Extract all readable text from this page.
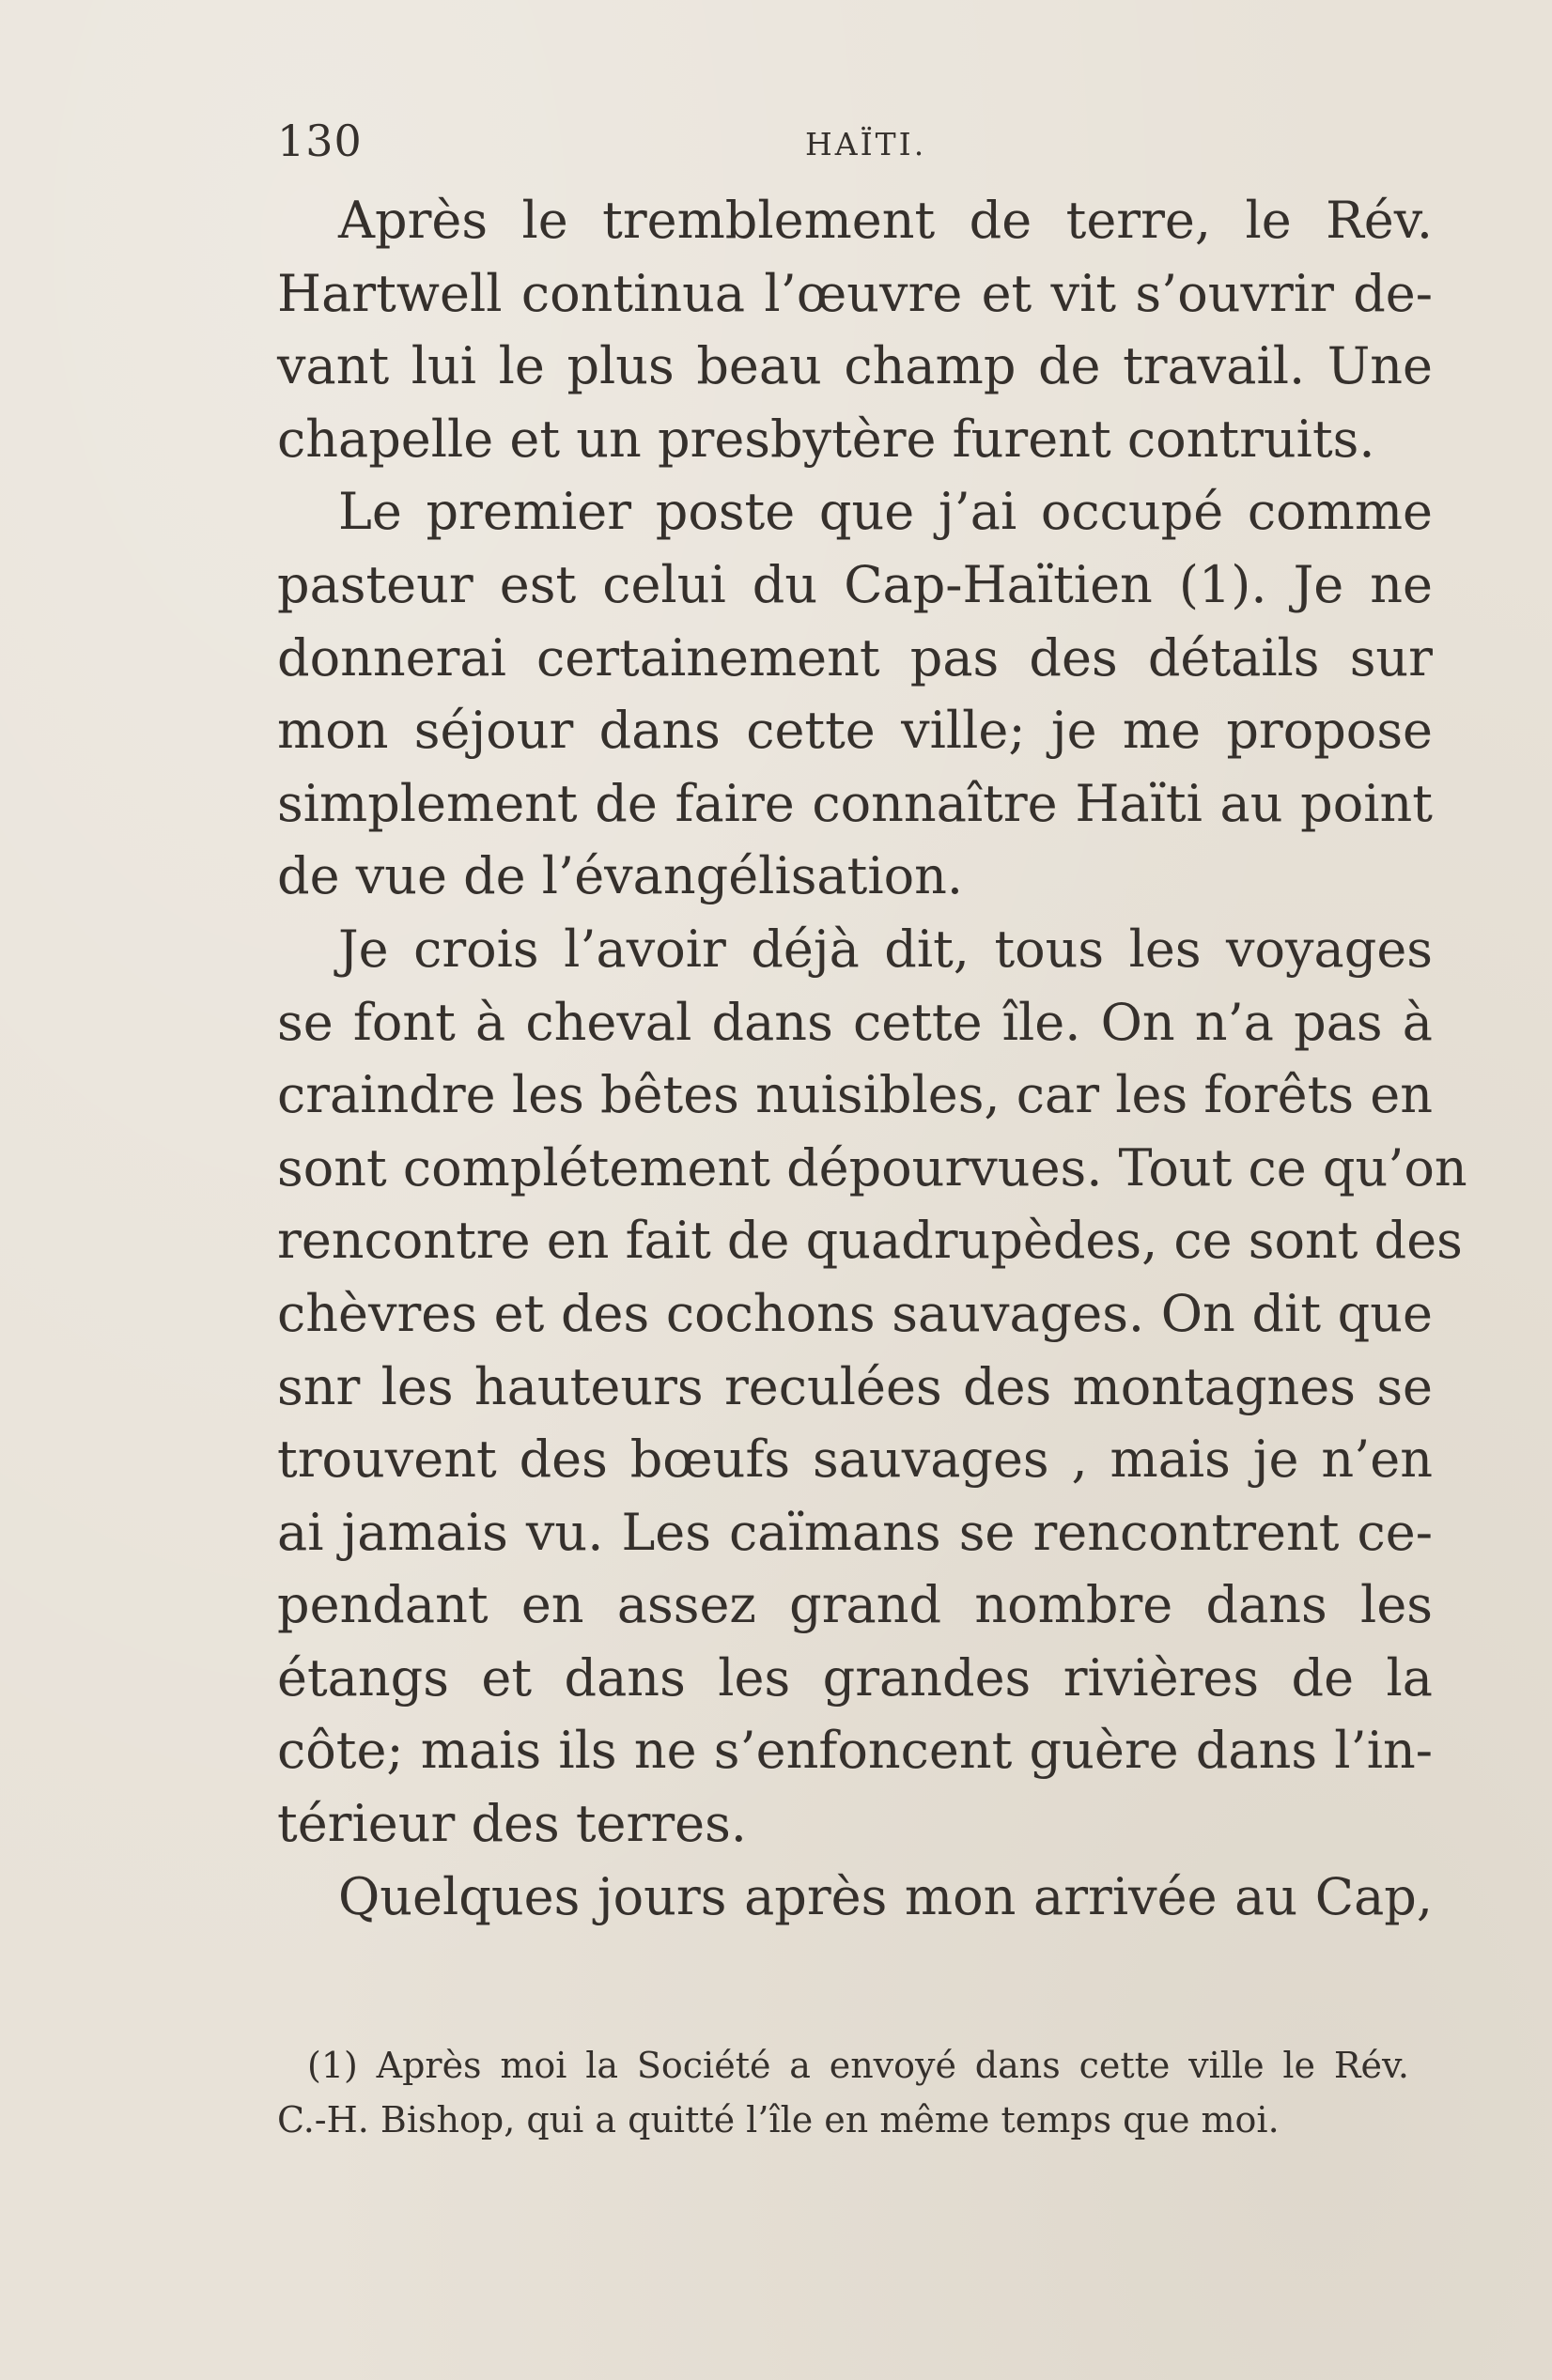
130	HAÏTI.
Après le tremblement de terre, le Rév.
Hartwell continua l’œuvre et vit s’ouvrir de-
vant lui le plus beau champ de travail. Une
chapelle et un presbytère furent contruits.
Le premier poste que j’ai occupé comme
pasteur est celui du Cap-Haïtien (1). Je ne
donnerai certainement pas des détails sur
mon séjour dans cette ville; je me propose
simplement de faire connaître Haïti au point
de vue de l’évangélisation.
Je crois l’avoir déjà dit, tous les voyages
se font à cheval dans cette île. On n’a pas à
craindre les bêtes nuisibles, car les forêts en
sont complétement dépourvues. Tout ce qu’on
rencontre en fait de quadrupèdes, ce sont des
chèvres et des cochons sauvages. On dit que
snr les hauteurs reculées des montagnes se
trouvent des bœufs sauvages , mais je n’en
ai jamais vu. Les caïmans se rencontrent ce-
pendant en assez grand nombre dans les
étangs et dans les grandes rivières de la
côte; mais ils ne s’enfoncent guère dans l’in-
térieur des terres.
Quelques jours après mon arrivée au Cap,
(1) Après moi la Société a envoyé dans cette ville le Rév.
C.-H. Bishop, qui a quitté l’île en même temps que moi.
